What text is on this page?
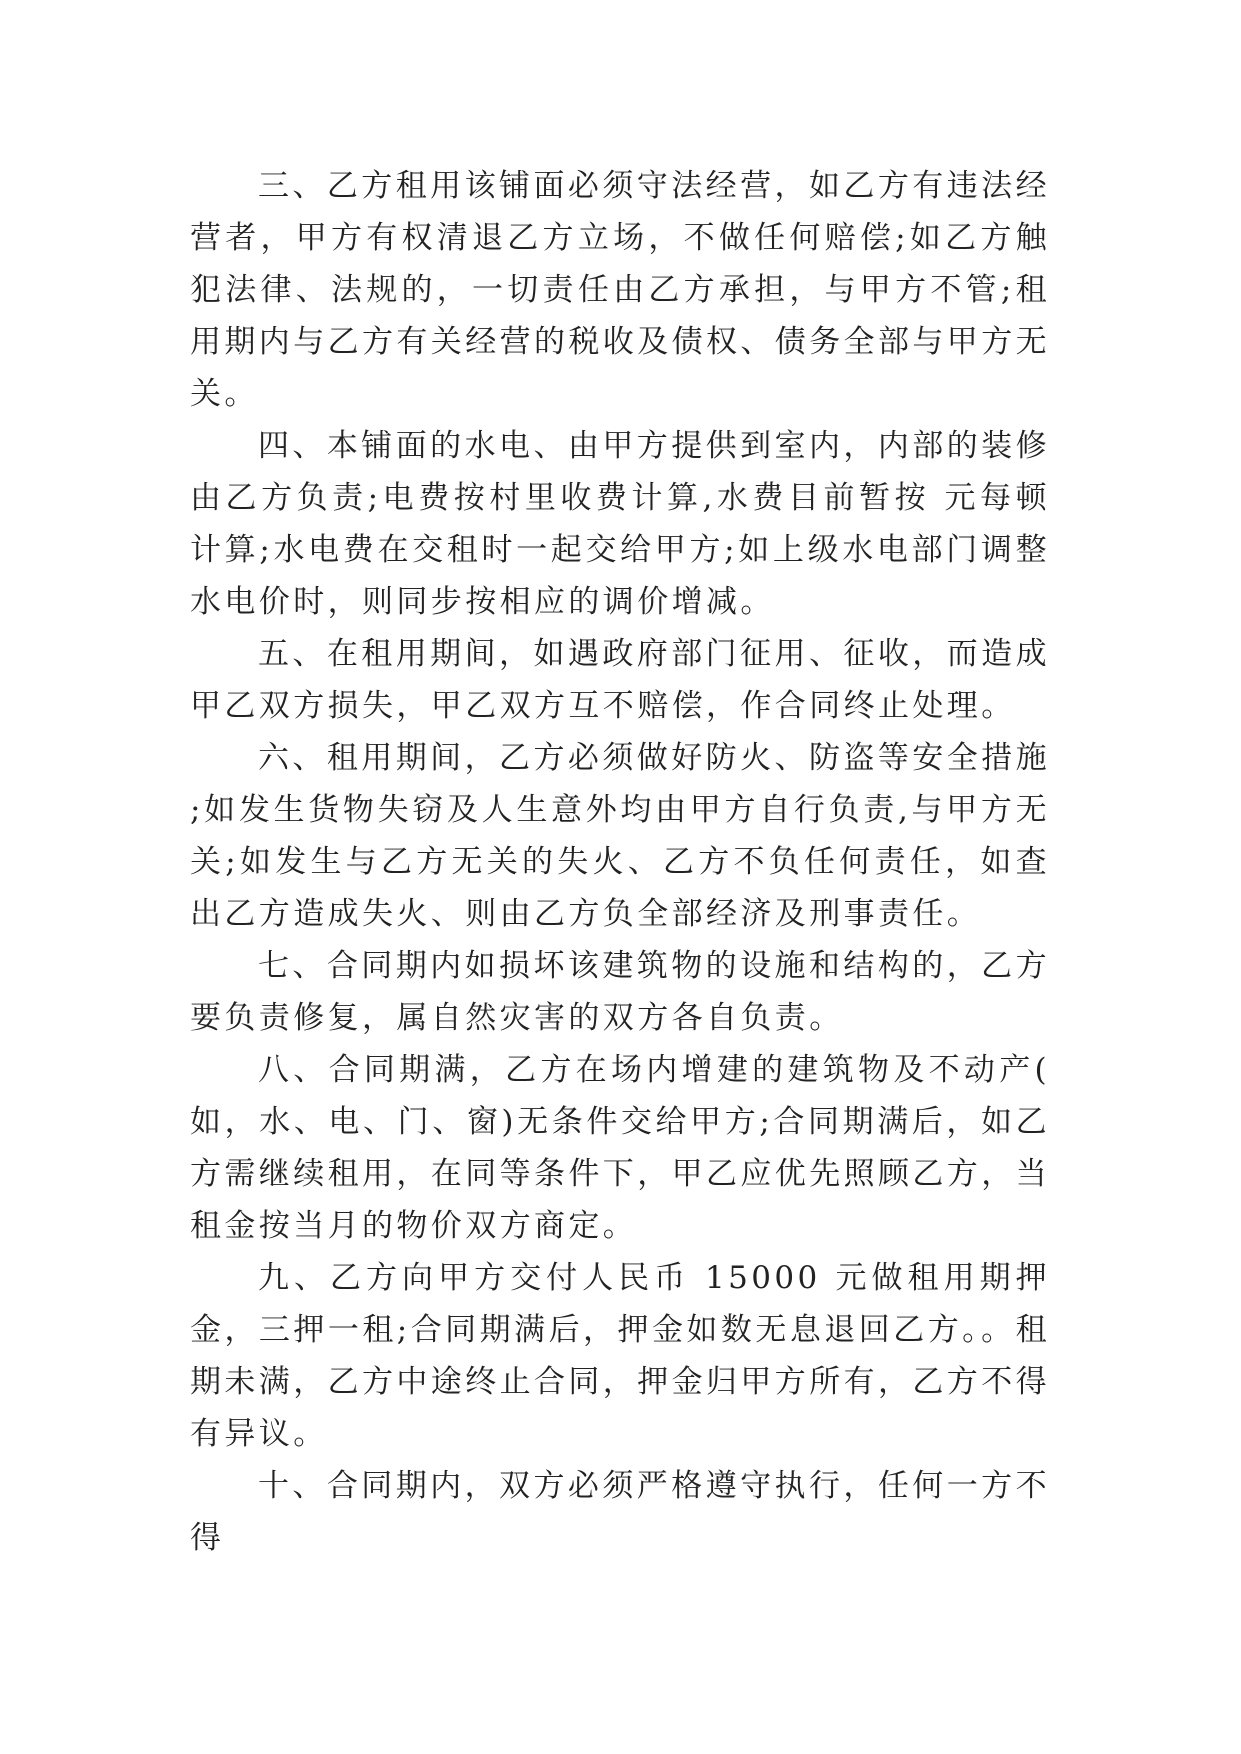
三、乙方租用该铺面必须守法经营，如乙方有违法经营者，甲方有权清退乙方立场，不做任何赔偿;如乙方触犯法律、法规的，一切责任由乙方承担，与甲方不管;租用期内与乙方有关经营的税收及债权、债务全部与甲方无关。

四、本铺面的水电、由甲方提供到室内，内部的装修由乙方负责;电费按村里收费计算,水费目前暂按 元每顿计算;水电费在交租时一起交给甲方;如上级水电部门调整水电价时，则同步按相应的调价增减。

五、在租用期间，如遇政府部门征用、征收，而造成甲乙双方损失，甲乙双方互不赔偿，作合同终止处理。

六、租用期间，乙方必须做好防火、防盗等安全措施;如发生货物失窃及人生意外均由甲方自行负责,与甲方无关;如发生与乙方无关的失火、乙方不负任何责任，如查出乙方造成失火、则由乙方负全部经济及刑事责任。

七、合同期内如损坏该建筑物的设施和结构的，乙方要负责修复，属自然灾害的双方各自负责。

八、合同期满，乙方在场内增建的建筑物及不动产(如，水、电、门、窗)无条件交给甲方;合同期满后，如乙方需继续租用，在同等条件下，甲乙应优先照顾乙方，当租金按当月的物价双方商定。

九、乙方向甲方交付人民币 15000 元做租用期押金，三押一租;合同期满后，押金如数无息退回乙方。。租期未满，乙方中途终止合同，押金归甲方所有，乙方不得有异议。

十、合同期内，双方必须严格遵守执行，任何一方不得
